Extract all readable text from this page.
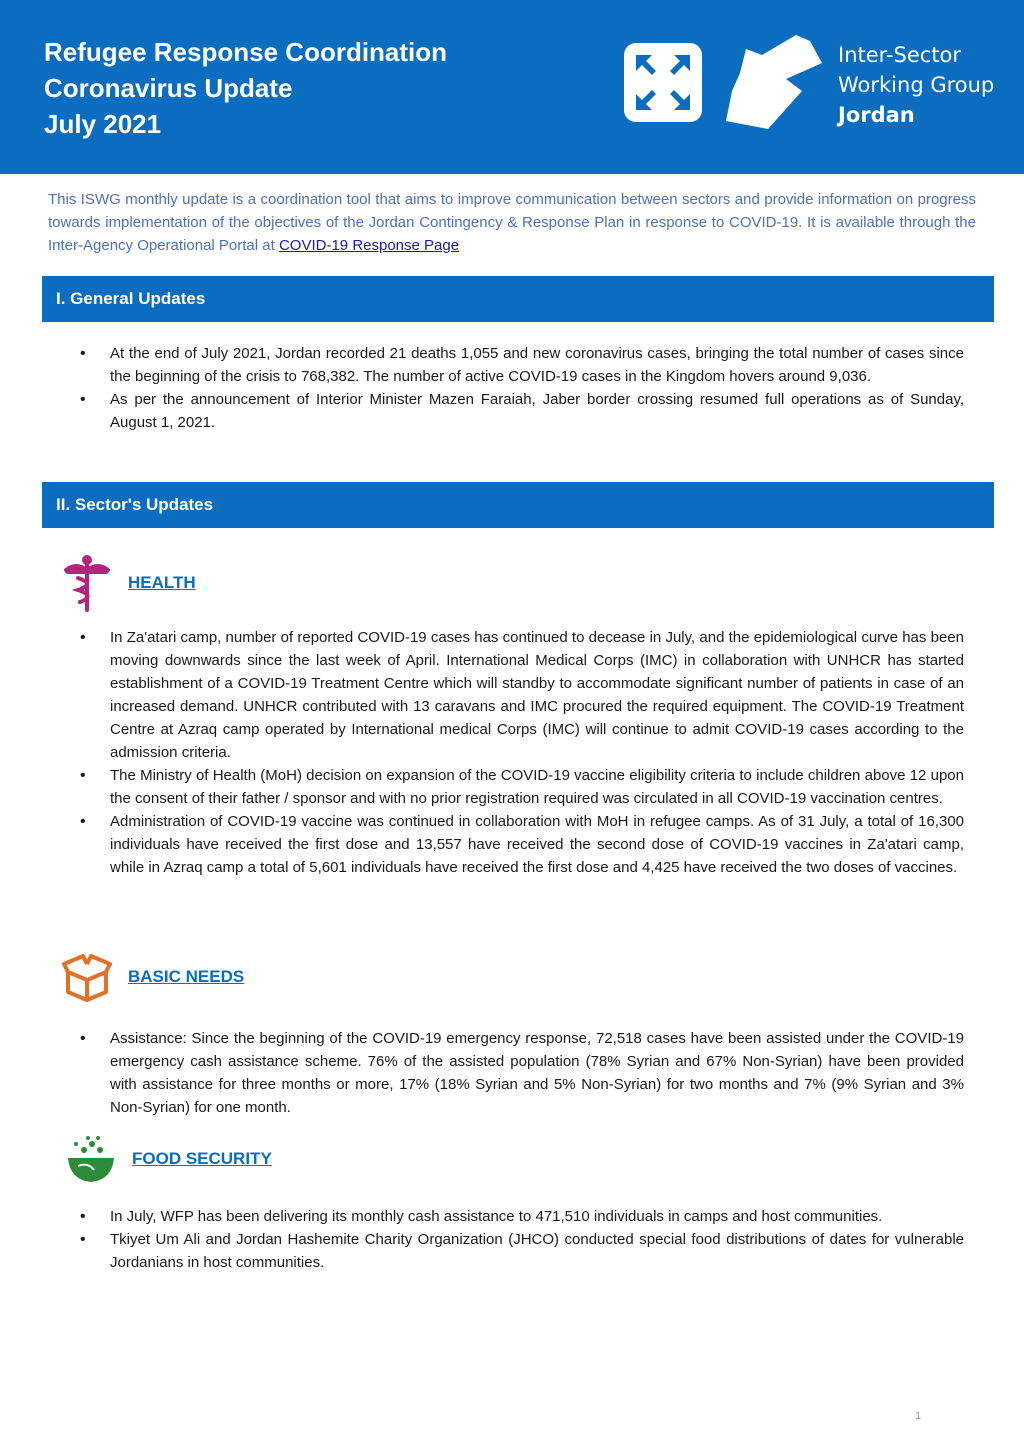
Refugee Response Coordination
Coronavirus Update
July 2021
Inter-Sector
Working Group
Jordan
This ISWG monthly update is a coordination tool that aims to improve communication between sectors and provide information on progress towards implementation of the objectives of the Jordan Contingency & Response Plan in response to COVID-19. It is available through the Inter-Agency Operational Portal at COVID-19 Response Page
I. General Updates
• At the end of July 2021, Jordan recorded 21 deaths 1,055 and new coronavirus cases, bringing the total number of cases since the beginning of the crisis to 768,382. The number of active COVID-19 cases in the Kingdom hovers around 9,036.
• As per the announcement of Interior Minister Mazen Faraiah, Jaber border crossing resumed full operations as of Sunday, August 1, 2021.
II. Sector's Updates
HEALTH
• In Za'atari camp, number of reported COVID-19 cases has continued to decease in July, and the epidemiological curve has been moving downwards since the last week of April. International Medical Corps (IMC) in collaboration with UNHCR has started establishment of a COVID-19 Treatment Centre which will standby to accommodate significant number of patients in case of an increased demand. UNHCR contributed with 13 caravans and IMC procured the required equipment. The COVID-19 Treatment Centre at Azraq camp operated by International medical Corps (IMC) will continue to admit COVID-19 cases according to the admission criteria.
• The Ministry of Health (MoH) decision on expansion of the COVID-19 vaccine eligibility criteria to include children above 12 upon the consent of their father / sponsor and with no prior registration required was circulated in all COVID-19 vaccination centres.
• Administration of COVID-19 vaccine was continued in collaboration with MoH in refugee camps. As of 31 July, a total of 16,300 individuals have received the first dose and 13,557 have received the second dose of COVID-19 vaccines in Za'atari camp, while in Azraq camp a total of 5,601 individuals have received the first dose and 4,425 have received the two doses of vaccines.
BASIC NEEDS
• Assistance: Since the beginning of the COVID-19 emergency response, 72,518 cases have been assisted under the COVID-19 emergency cash assistance scheme. 76% of the assisted population (78% Syrian and 67% Non-Syrian) have been provided with assistance for three months or more, 17% (18% Syrian and 5% Non-Syrian) for two months and 7% (9% Syrian and 3% Non-Syrian) for one month.
FOOD SECURITY
• In July, WFP has been delivering its monthly cash assistance to 471,510 individuals in camps and host communities.
• Tkiyet Um Ali and Jordan Hashemite Charity Organization (JHCO) conducted special food distributions of dates for vulnerable Jordanians in host communities.
1
